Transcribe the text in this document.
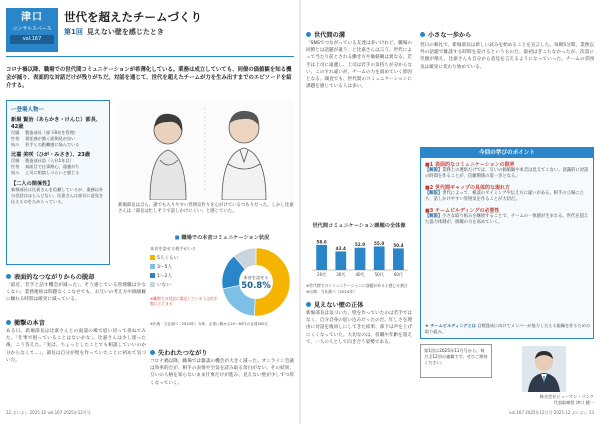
津口
コンサルスペース
vol.167
世代を超えたチームづくり
第1回 見えない壁を感じたとき
コロナ禍以降、職場での世代間コミュニケーションが希薄化している。業務は成立していても、同僚の価値観を知る機会が減り、表面的な対話だけが残りがちだ。対話を通じて、世代を超えたチームが力を生み出すまでのエピソードを紹介する。
ー登場人物ー
新堀 賢治（あらかき・けんじ）部長、42歳
役職 製造部長（部下8名を管理）
性格 責任感が強く面倒見が良い
悩み 若手との距離感に悩んでいる
比嘉 美咲（ひが・みさき）、23歳
役職 製造部社員（入社1年目）
性格 真面目で仕事熱心、遠慮がち
悩み 上司に相談しづらいと感じる
【二人の関係性】
新堀部長は比嘉さんを信頼しているが、業務以外の会話はほとんどない。比嘉さんは部長に意見を伝えるのをためらっている。
新堀部長は自ら、誰でも入りやすい雰囲気作りを心がけているつもりだった。しかし比嘉さんは「部長は忙しそうで話しかけにくい」と感じていた。
■ 職場での本音コミュニケーション状況
本音を話せる相手がいる
5人くらい
3〜5人
1〜2人
いない
本音を話せる
50.8%
※職場での対話に満足している人は約半数にとどまる
※出典：当社調べ（2024年）対象：企業に勤める20〜60代の社員500名
表面的なつながりからの脱却
「最近、若手と話す機会が減った」。そう感じている管理職は少なくない。業務連絡は問題なくこなせても、お互いの考え方や価値観に触れる時間は確実に減っている。
衝撃の本音
ある日、新堀部長は比嘉さんとの面談の場で思い切って尋ねてみた。「仕事で困っていることはないかな」。比嘉さんは少し迷った後、こう答えた。「実は、ちょっとしたことでも相談していいのか分からなくて…」。部長は自分が壁を作っていたことに初めて気づいた。
失われたつながり
コロナ禍以降、職場では雑談の機会が大きく減った。オンライン会議は効率的だが、相手の表情や空気を読み取る余白がない。その結果、互いの人柄を知らないまま仕事だけが進み、見えない壁が少しずつ厚くなっていく。
12 ぶいぶぃ 2025.12 vol.167 2025年12月号
世代間の溝
「SNSでつながっている友達は多いけれど、職場の同僚とは話題が違う」と比嘉さんは言う。世代によって当たり前とされる働き方や価値観は異なる。若手は上司に遠慮し、上司は若手の気持ちが分からない。このすれ違いが、チームの力を弱めていく原因となる。調査でも、世代間のコミュニケーションに課題を感じている人は多い。
世代間コミュニケーション課題の全体像
58.6
20代
43.4
30代
52.0
40代
55.0
50代
50.4
60代
※世代間でのコミュニケーションに課題があると感じる割合 ※出典：当社調べ（2024年）
見えない壁の正体
新堀部長は気づいた。壁を作っていたのは若手ではなく、自分自身の思い込みだったのだ。忙しさを理由に対話を後回しにしてきた結果、部下は声を上げにくくなっていた。大切なのは、役職や年齢を超えて、一人の人として向き合う姿勢である。
小さな一歩から
翌日の朝礼で、新堀部長は新しい試みを始めることを宣言した。毎朝5分間、業務以外の話題で雑談する時間を設けるというものだ。最初はぎこちなかったが、次第に笑顔が増え、比嘉さんも自分から意見を言えるようになっていった。チームの雰囲気は確実に変わり始めている。
今回の学びのポイント
■1 表面的なコミュニケーションの限界
【解説】業務上の連絡だけでは、互いの価値観や本音は見えてこない。意識的に対話の時間を作ることが、信頼関係の第一歩となる。
■2 世代間ギャップの具体的な現れ方
【解説】世代によって、相談のタイミングや伝え方に違いがある。相手の立場に立ち、話しかけやすい雰囲気を作ることが大切だ。
■3 チームビルディングの必要性
【解説】小さな取り組みを継続することで、チームの一体感が生まれる。世代を超えた協力体制が、組織の力を高めていく。
★ チームビルディングとは 目標達成に向けてメンバーが協力し合える組織を作るための取り組み。
第1回は2025年11月号から、毎月全12回の連載です。ぜひご期待ください。
株式会社ヒューマン・リンク
代表取締役 津口 健一
vol.167 2025年12月号 2025.12 ぶいぶぃ 13
